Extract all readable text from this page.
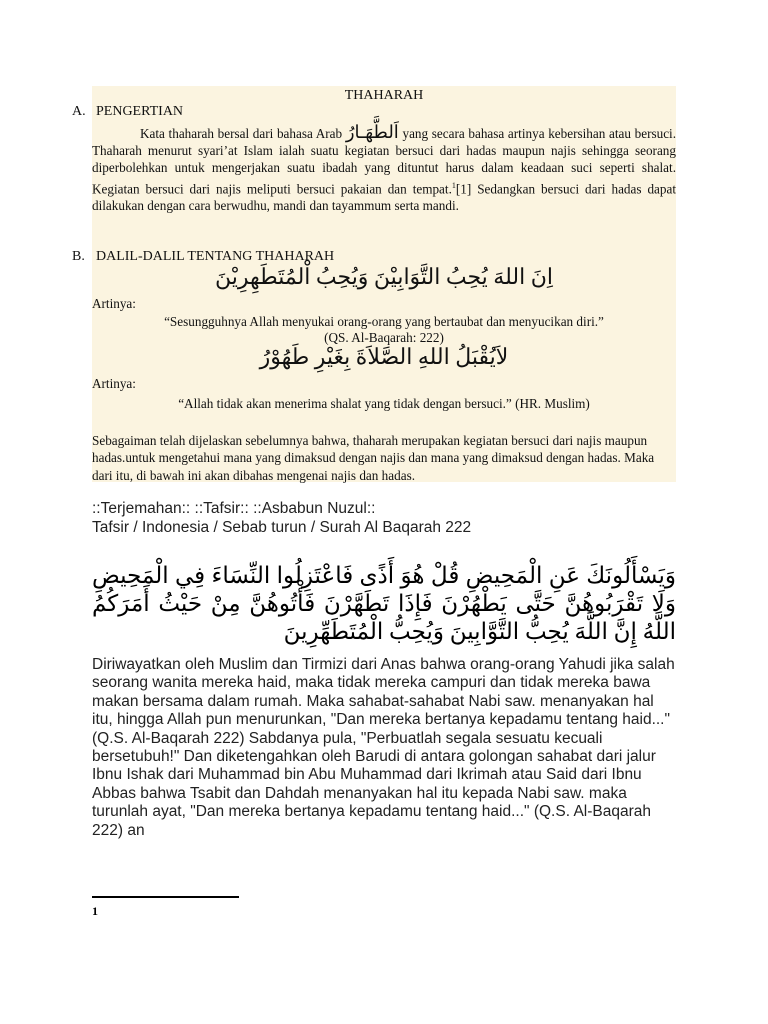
THAHARAH
A. PENGERTIAN
Kata thaharah bersal dari bahasa Arab اَلطَّهَـارُ yang secara bahasa artinya kebersihan atau bersuci. Thaharah menurut syari’at Islam ialah suatu kegiatan bersuci dari hadas maupun najis sehingga seorang diperbolehkan untuk mengerjakan suatu ibadah yang dituntut harus dalam keadaan suci seperti shalat. Kegiatan bersuci dari najis meliputi bersuci pakaian dan tempat.$^1$[1] Sedangkan bersuci dari hadas dapat dilakukan dengan cara berwudhu, mandi dan tayammum serta mandi.
B. DALIL-DALIL TENTANG THAHARAH
اِنَ اللهَ يُحِبُ التَّوَابِيْنَ وَيُحِبُ اْلمُتَطَهِرِيْنَ
Artinya:
“Sesungguhnya Allah menyukai orang-orang yang bertaubat dan menyucikan diri.”
(QS. Al-Baqarah: 222)
لاَيُقْبَلُ اللهِ الصَّلاَةَ بِغَيْرِ طَهُوْرُ
Artinya:
“Allah tidak akan menerima shalat yang tidak dengan bersuci.” (HR. Muslim)
Sebagaiman telah dijelaskan sebelumnya bahwa, thaharah merupakan kegiatan bersuci dari najis maupun hadas.untuk mengetahui mana yang dimaksud dengan najis dan mana yang dimaksud dengan hadas. Maka dari itu, di bawah ini akan dibahas mengenai najis dan hadas.
::Terjemahan:: ::Tafsir:: ::Asbabun Nuzul::
Tafsir / Indonesia / Sebab turun / Surah Al Baqarah 222
وَيَسْأَلُونَكَ عَنِ الْمَحِيضِ قُلْ هُوَ أَذًى فَاعْتَزِلُوا النِّسَاءَ فِي الْمَحِيضِ وَلَا تَقْرَبُوهُنَّ حَتَّى يَطْهُرْنَ فَإِذَا تَطَهَّرْنَ فَأْتُوهُنَّ مِنْ حَيْثُ أَمَرَكُمُ اللَّهُ إِنَّ اللَّهَ يُحِبُّ التَّوَّابِينَ وَيُحِبُّ الْمُتَطَهِّرِينَ
Diriwayatkan oleh Muslim dan Tirmizi dari Anas bahwa orang-orang Yahudi jika salah seorang wanita mereka haid, maka tidak mereka campuri dan tidak mereka bawa makan bersama dalam rumah. Maka sahabat-sahabat Nabi saw. menanyakan hal itu, hingga Allah pun menurunkan, "Dan mereka bertanya kepadamu tentang haid..." (Q.S. Al-Baqarah 222) Sabdanya pula, "Perbuatlah segala sesuatu kecuali bersetubuh!" Dan diketengahkan oleh Barudi di antara golongan sahabat dari jalur Ibnu Ishak dari Muhammad bin Abu Muhammad dari Ikrimah atau Said dari Ibnu Abbas bahwa Tsabit dan Dahdah menanyakan hal itu kepada Nabi saw. maka turunlah ayat, "Dan mereka bertanya kepadamu tentang haid..." (Q.S. Al-Baqarah 222) an
1
